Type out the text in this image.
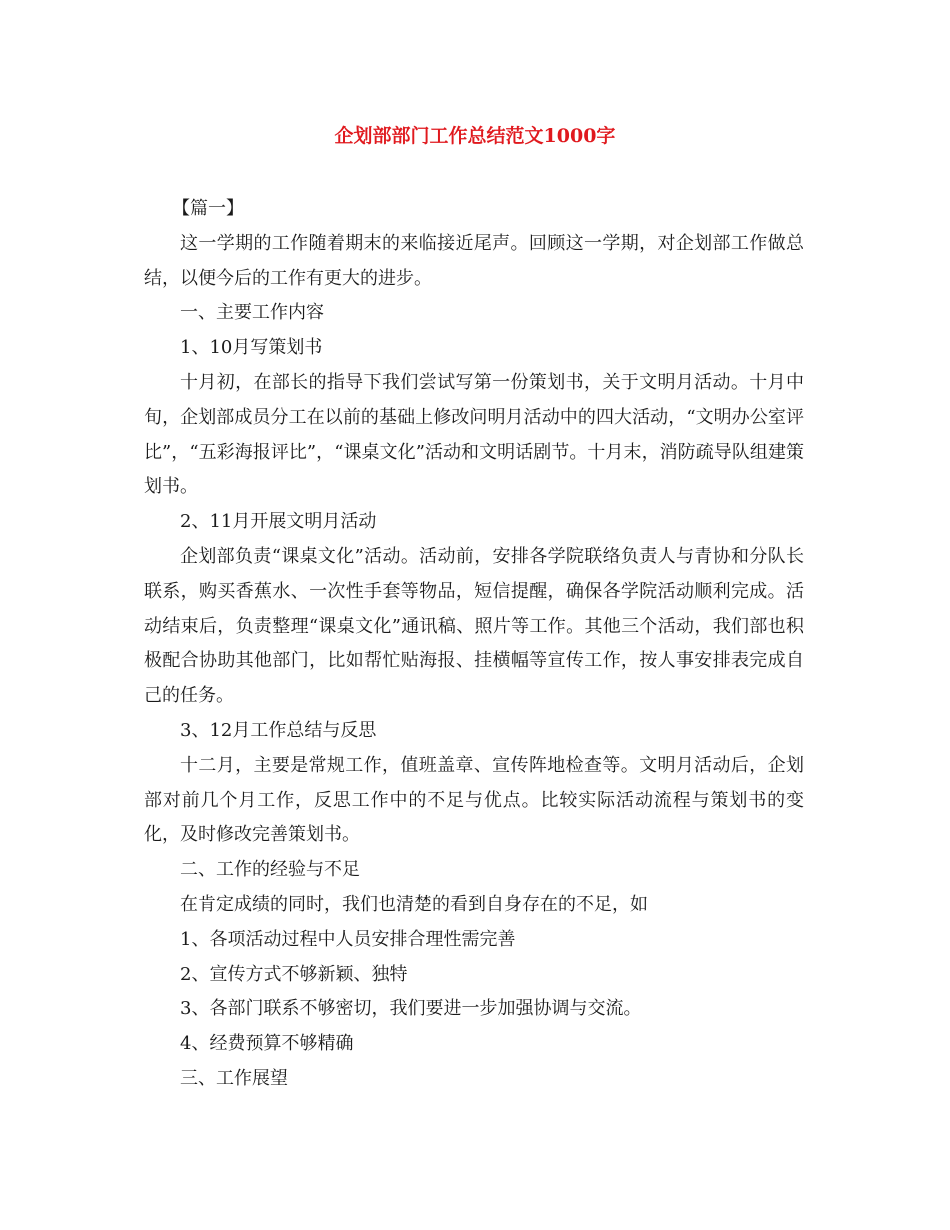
企划部部门工作总结范文1000字

【篇一】

这一学期的工作随着期末的来临接近尾声。回顾这一学期，对企划部工作做总结，以便今后的工作有更大的进步。

一、主要工作内容

1、10月写策划书

十月初，在部长的指导下我们尝试写第一份策划书，关于文明月活动。十月中旬，企划部成员分工在以前的基础上修改问明月活动中的四大活动，“文明办公室评比”，“五彩海报评比”，“课桌文化”活动和文明话剧节。十月末，消防疏导队组建策划书。

2、11月开展文明月活动

企划部负责“课桌文化”活动。活动前，安排各学院联络负责人与青协和分队长联系，购买香蕉水、一次性手套等物品，短信提醒，确保各学院活动顺利完成。活动结束后，负责整理“课桌文化”通讯稿、照片等工作。其他三个活动，我们部也积极配合协助其他部门，比如帮忙贴海报、挂横幅等宣传工作，按人事安排表完成自己的任务。

3、12月工作总结与反思

十二月，主要是常规工作，值班盖章、宣传阵地检查等。文明月活动后，企划部对前几个月工作，反思工作中的不足与优点。比较实际活动流程与策划书的变化，及时修改完善策划书。

二、工作的经验与不足

在肯定成绩的同时，我们也清楚的看到自身存在的不足，如

1、各项活动过程中人员安排合理性需完善

2、宣传方式不够新颖、独特

3、各部门联系不够密切，我们要进一步加强协调与交流。

4、经费预算不够精确

三、工作展望
